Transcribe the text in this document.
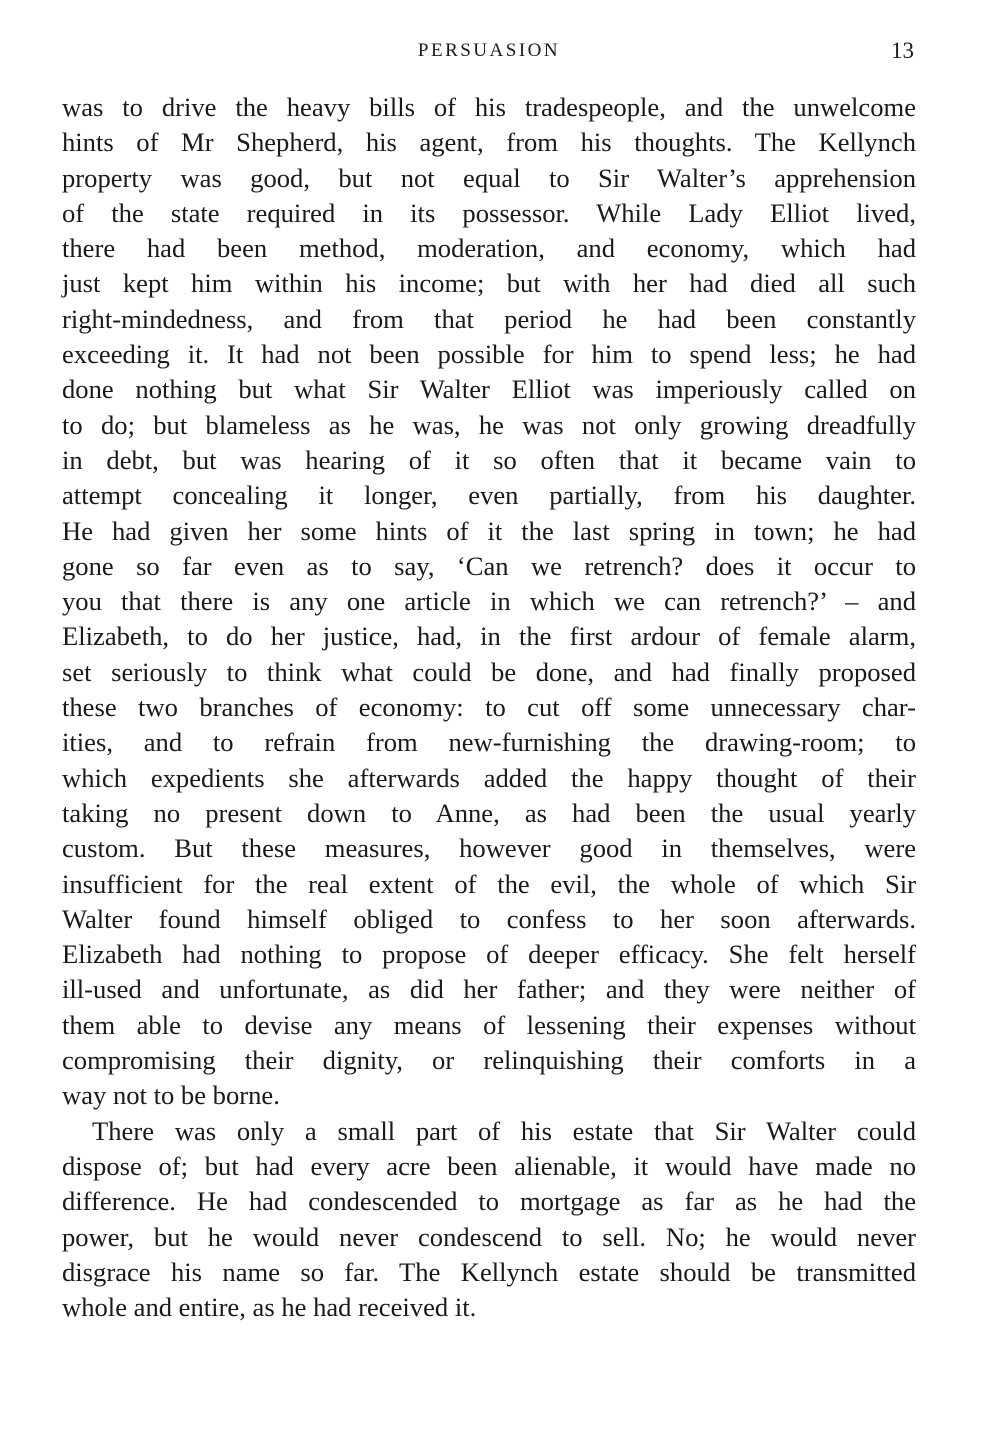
PERSUASION	13
was to drive the heavy bills of his tradespeople, and the unwelcome
hints of Mr Shepherd, his agent, from his thoughts. The Kellynch
property was good, but not equal to Sir Walter’s apprehension
of the state required in its possessor. While Lady Elliot lived,
there had been method, moderation, and economy, which had
just kept him within his income; but with her had died all such
right-mindedness, and from that period he had been constantly
exceeding it. It had not been possible for him to spend less; he had
done nothing but what Sir Walter Elliot was imperiously called on
to do; but blameless as he was, he was not only growing dreadfully
in debt, but was hearing of it so often that it became vain to
attempt concealing it longer, even partially, from his daughter.
He had given her some hints of it the last spring in town; he had
gone so far even as to say, ‘Can we retrench? does it occur to
you that there is any one article in which we can retrench?’ – and
Elizabeth, to do her justice, had, in the first ardour of female alarm,
set seriously to think what could be done, and had finally proposed
these two branches of economy: to cut off some unnecessary char-
ities, and to refrain from new-furnishing the drawing-room; to
which expedients she afterwards added the happy thought of their
taking no present down to Anne, as had been the usual yearly
custom. But these measures, however good in themselves, were
insufficient for the real extent of the evil, the whole of which Sir
Walter found himself obliged to confess to her soon afterwards.
Elizabeth had nothing to propose of deeper efficacy. She felt herself
ill-used and unfortunate, as did her father; and they were neither of
them able to devise any means of lessening their expenses without
compromising their dignity, or relinquishing their comforts in a
way not to be borne.
There was only a small part of his estate that Sir Walter could
dispose of; but had every acre been alienable, it would have made no
difference. He had condescended to mortgage as far as he had the
power, but he would never condescend to sell. No; he would never
disgrace his name so far. The Kellynch estate should be transmitted
whole and entire, as he had received it.
